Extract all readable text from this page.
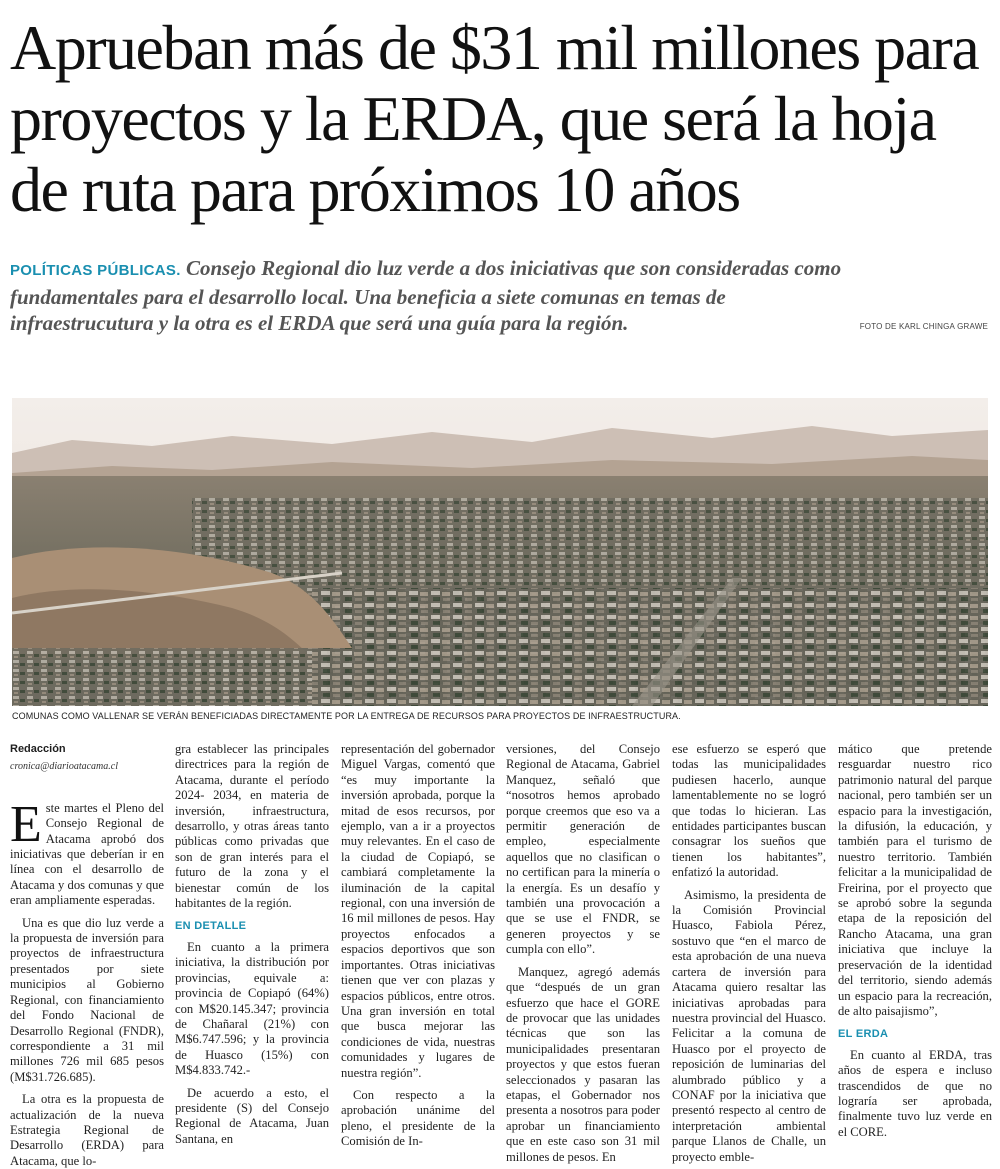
Aprueban más de $31 mil millones para proyectos y la ERDA, que será la hoja de ruta para próximos 10 años
POLÍTICAS PÚBLICAS. Consejo Regional dio luz verde a dos iniciativas que son consideradas como fundamentales para el desarrollo local. Una beneficia a siete comunas en temas de infraestrucutura y la otra es el ERDA que será una guía para la región.	FOTO DE KARL CHINGA GRAWE
COMUNAS COMO VALLENAR SE VERÁN BENEFICIADAS DIRECTAMENTE POR LA ENTREGA DE RECURSOS PARA PROYECTOS DE INFRAESTRUCTURA.
Redacción
cronica@diarioatacama.cl

Este martes el Pleno del Consejo Regional de Atacama aprobó dos iniciativas que deberían ir en línea con el desarrollo de Atacama y dos comunas y que eran ampliamente esperadas.

Una es que dio luz verde a la propuesta de inversión para proyectos de infraestructura presentados por siete municipios al Gobierno Regional, con financiamiento del Fondo Nacional de Desarrollo Regional (FNDR), correspondiente a 31 mil millones 726 mil 685 pesos (M$31.726.685).

La otra es la propuesta de actualización de la nueva Estrategia Regional de Desarrollo (ERDA) para Atacama, que lo-

gra establecer las principales directrices para la región de Atacama, durante el período 2024- 2034, en materia de inversión, infraestructura, desarrollo, y otras áreas tanto públicas como privadas que son de gran interés para el futuro de la zona y el bienestar común de los habitantes de la región.

EN DETALLE

En cuanto a la primera iniciativa, la distribución por provincias, equivale a: provincia de Copiapó (64%) con M$20.145.347; provincia de Chañaral (21%) con M$6.747.596; y la provincia de Huasco (15%) con M$4.833.742.-

De acuerdo a esto, el presidente (S) del Consejo Regional de Atacama, Juan Santana, en

representación del gobernador Miguel Vargas, comentó que “es muy importante la inversión aprobada, porque la mitad de esos recursos, por ejemplo, van a ir a proyectos muy relevantes. En el caso de la ciudad de Copiapó, se cambiará completamente la iluminación de la capital regional, con una inversión de 16 mil millones de pesos. Hay proyectos enfocados a espacios deportivos que son importantes. Otras iniciativas tienen que ver con plazas y espacios públicos, entre otros. Una gran inversión en total que busca mejorar las condiciones de vida, nuestras comunidades y lugares de nuestra región”.

Con respecto a la aprobación unánime del pleno, el presidente de la Comisión de In-

versiones, del Consejo Regional de Atacama, Gabriel Manquez, señaló que “nosotros hemos aprobado porque creemos que eso va a permitir generación de empleo, especialmente aquellos que no clasifican o no certifican para la minería o la energía. Es un desafío y también una provocación a que se use el FNDR, se generen proyectos y se cumpla con ello”.

Manquez, agregó además que “después de un gran esfuerzo que hace el GORE de provocar que las unidades técnicas que son las municipalidades presentaran proyectos y que estos fueran seleccionados y pasaran las etapas, el Gobernador nos presenta a nosotros para poder aprobar un financiamiento que en este caso son 31 mil millones de pesos. En

ese esfuerzo se esperó que todas las municipalidades pudiesen hacerlo, aunque lamentablemente no se logró que todas lo hicieran. Las entidades participantes buscan consagrar los sueños que tienen los habitantes”, enfatizó la autoridad.

Asimismo, la presidenta de la Comisión Provincial Huasco, Fabiola Pérez, sostuvo que “en el marco de esta aprobación de una nueva cartera de inversión para Atacama quiero resaltar las iniciativas aprobadas para nuestra provincial del Huasco. Felicitar a la comuna de Huasco por el proyecto de reposición de luminarias del alumbrado público y a CONAF por la iniciativa que presentó respecto al centro de interpretación ambiental parque Llanos de Challe, un proyecto emble-

mático que pretende resguardar nuestro rico patrimonio natural del parque nacional, pero también ser un espacio para la investigación, la difusión, la educación, y también para el turismo de nuestro territorio. También felicitar a la municipalidad de Freirina, por el proyecto que se aprobó sobre la segunda etapa de la reposición del Rancho Atacama, una gran iniciativa que incluye la preservación de la identidad del territorio, siendo además un espacio para la recreación, de alto paisajismo”,

EL ERDA

En cuanto al ERDA, tras años de espera e incluso trascendidos de que no lograría ser aprobada, finalmente tuvo luz verde en el CORE.
